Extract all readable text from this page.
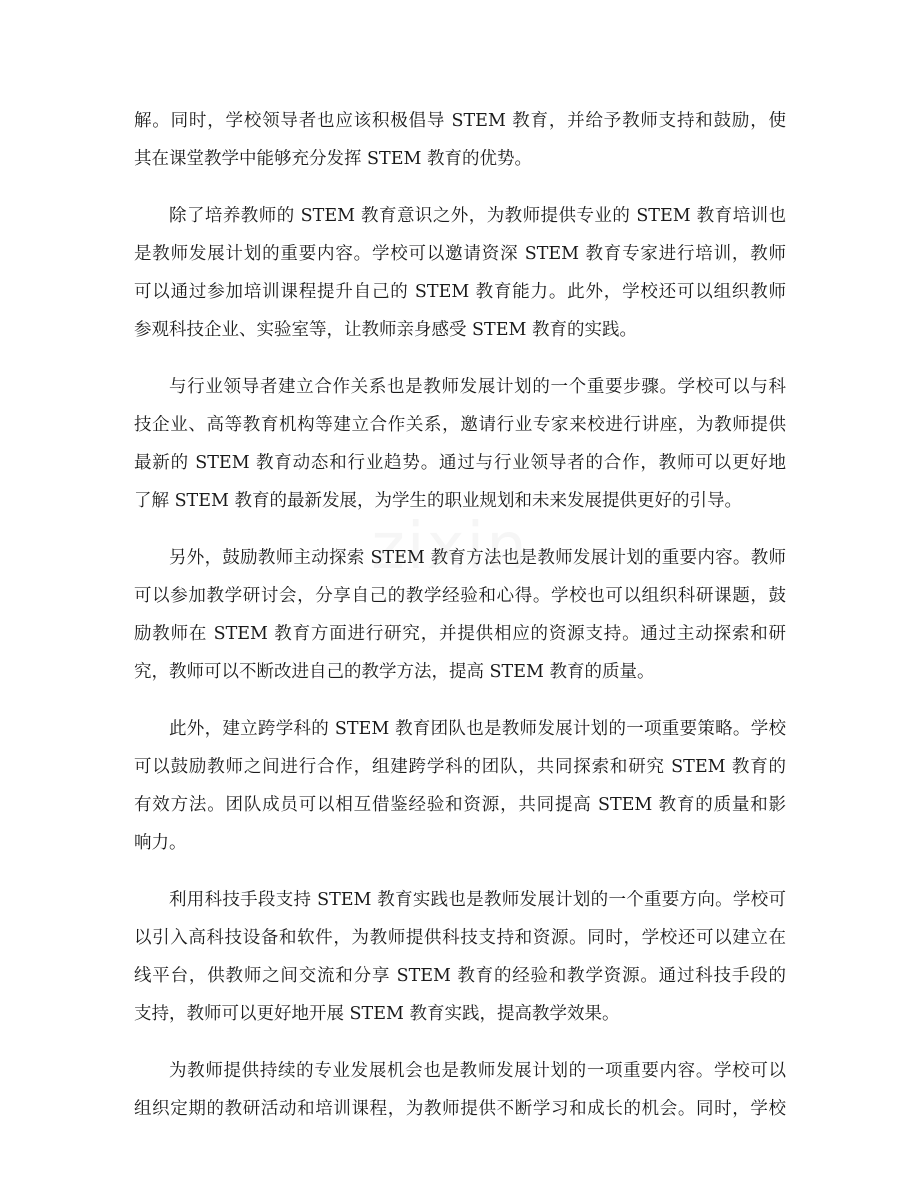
解。同时，学校领导者也应该积极倡导 STEM 教育，并给予教师支持和鼓励，使
其在课堂教学中能够充分发挥 STEM 教育的优势。

除了培养教师的 STEM 教育意识之外，为教师提供专业的 STEM 教育培训也
是教师发展计划的重要内容。学校可以邀请资深 STEM 教育专家进行培训，教师
可以通过参加培训课程提升自己的 STEM 教育能力。此外，学校还可以组织教师
参观科技企业、实验室等，让教师亲身感受 STEM 教育的实践。

与行业领导者建立合作关系也是教师发展计划的一个重要步骤。学校可以与科
技企业、高等教育机构等建立合作关系，邀请行业专家来校进行讲座，为教师提供
最新的 STEM 教育动态和行业趋势。通过与行业领导者的合作，教师可以更好地
了解 STEM 教育的最新发展，为学生的职业规划和未来发展提供更好的引导。

另外，鼓励教师主动探索 STEM 教育方法也是教师发展计划的重要内容。教师
可以参加教学研讨会，分享自己的教学经验和心得。学校也可以组织科研课题，鼓
励教师在 STEM 教育方面进行研究，并提供相应的资源支持。通过主动探索和研
究，教师可以不断改进自己的教学方法，提高 STEM 教育的质量。

此外，建立跨学科的 STEM 教育团队也是教师发展计划的一项重要策略。学校
可以鼓励教师之间进行合作，组建跨学科的团队，共同探索和研究 STEM 教育的
有效方法。团队成员可以相互借鉴经验和资源，共同提高 STEM 教育的质量和影
响力。

利用科技手段支持 STEM 教育实践也是教师发展计划的一个重要方向。学校可
以引入高科技设备和软件，为教师提供科技支持和资源。同时，学校还可以建立在
线平台，供教师之间交流和分享 STEM 教育的经验和教学资源。通过科技手段的
支持，教师可以更好地开展 STEM 教育实践，提高教学效果。

为教师提供持续的专业发展机会也是教师发展计划的一项重要内容。学校可以
组织定期的教研活动和培训课程，为教师提供不断学习和成长的机会。同时，学校
